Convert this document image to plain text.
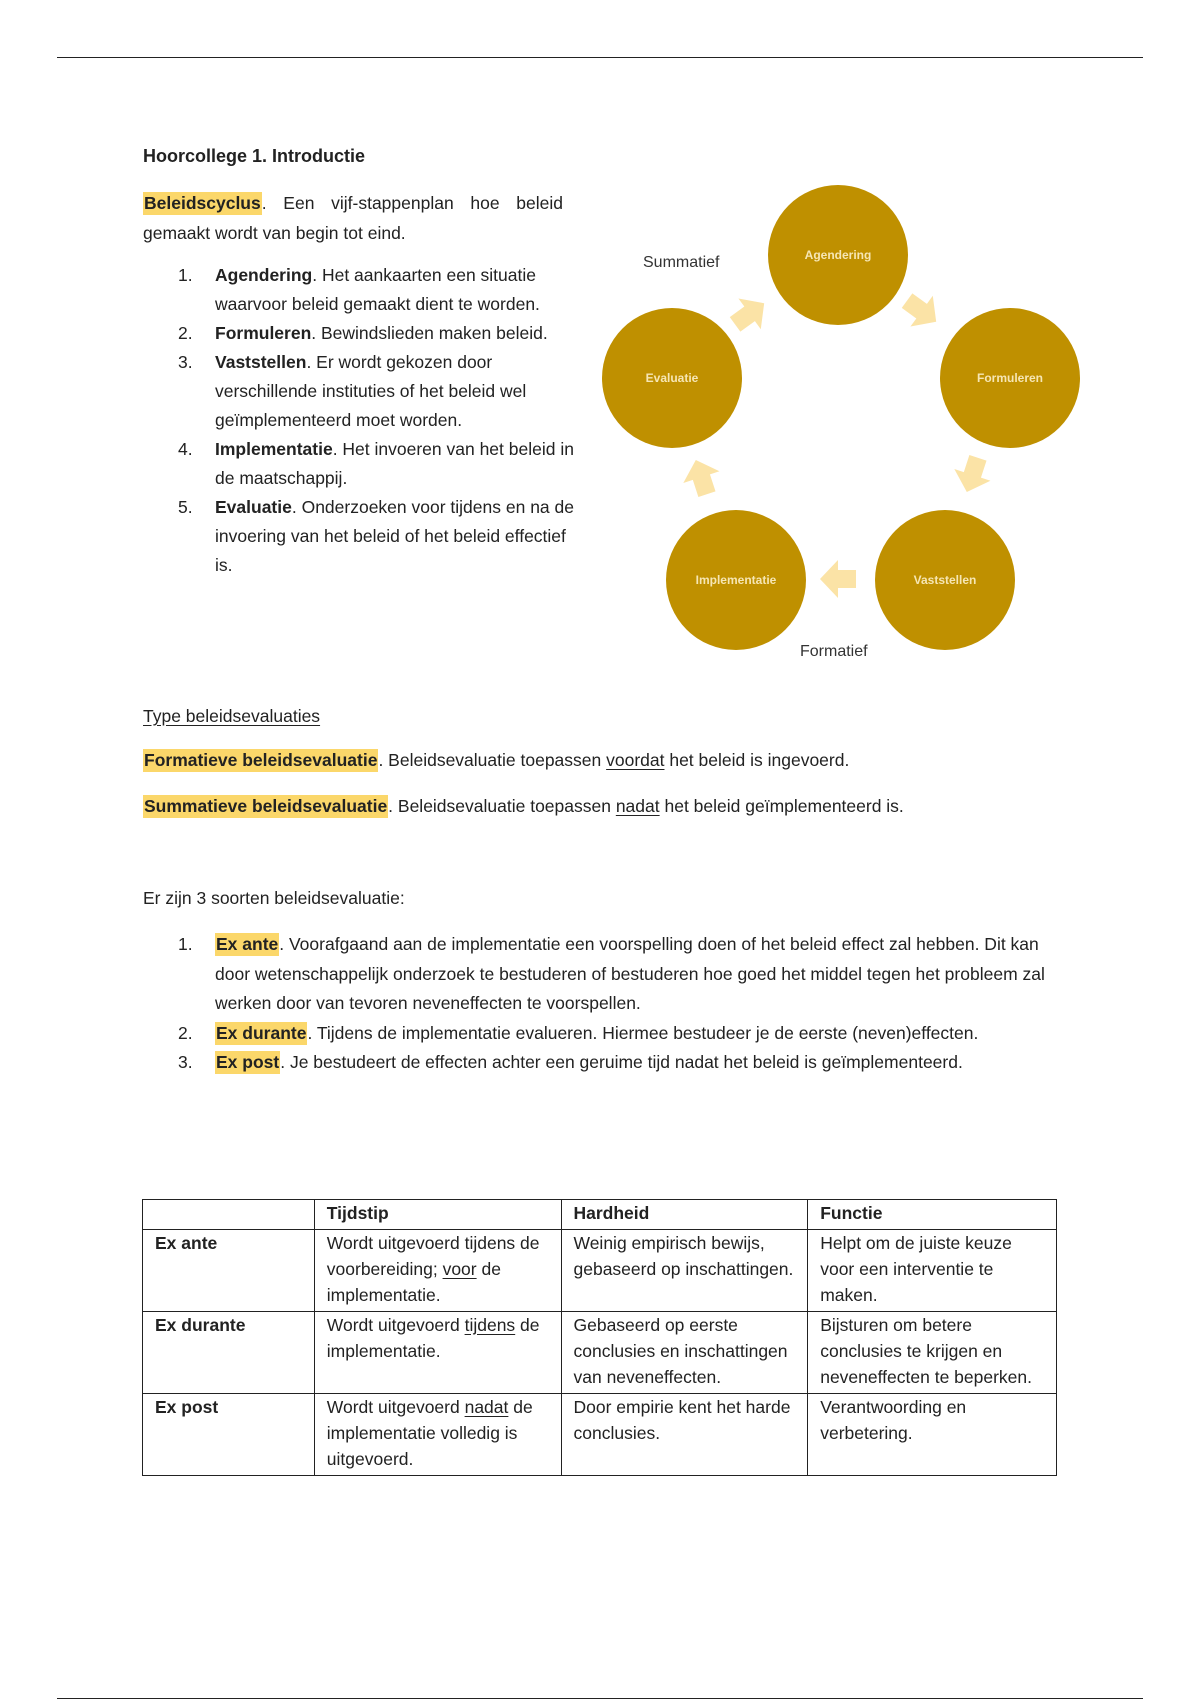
Hoorcollege 1. Introductie
Beleidscyclus. Een vijf-stappenplan hoe beleid gemaakt wordt van begin tot eind.
1. Agendering. Het aankaarten een situatie waarvoor beleid gemaakt dient te worden.
2. Formuleren. Bewindslieden maken beleid.
3. Vaststellen. Er wordt gekozen door verschillende instituties of het beleid wel geïmplementeerd moet worden.
4. Implementatie. Het invoeren van het beleid in de maatschappij.
5. Evaluatie. Onderzoeken voor tijdens en na de invoering van het beleid of het beleid effectief is.
Agendering
Formuleren
Vaststellen
Implementatie
Evaluatie
Summatief
Formatief
Type beleidsevaluaties
Formatieve beleidsevaluatie. Beleidsevaluatie toepassen voordat het beleid is ingevoerd.
Summatieve beleidsevaluatie. Beleidsevaluatie toepassen nadat het beleid geïmplementeerd is.
Er zijn 3 soorten beleidsevaluatie:
1. Ex ante. Voorafgaand aan de implementatie een voorspelling doen of het beleid effect zal hebben. Dit kan door wetenschappelijk onderzoek te bestuderen of bestuderen hoe goed het middel tegen het probleem zal werken door van tevoren neveneffecten te voorspellen.
2. Ex durante. Tijdens de implementatie evalueren. Hiermee bestudeer je de eerste (neven)effecten.
3. Ex post. Je bestudeert de effecten achter een geruime tijd nadat het beleid is geïmplementeerd.
	Tijdstip	Hardheid	Functie
Ex ante	Wordt uitgevoerd tijdens de voorbereiding; voor de implementatie.	Weinig empirisch bewijs, gebaseerd op inschattingen.	Helpt om de juiste keuze voor een interventie te maken.
Ex durante	Wordt uitgevoerd tijdens de implementatie.	Gebaseerd op eerste conclusies en inschattingen van neveneffecten.	Bijsturen om betere conclusies te krijgen en neveneffecten te beperken.
Ex post	Wordt uitgevoerd nadat de implementatie volledig is uitgevoerd.	Door empirie kent het harde conclusies.	Verantwoording en verbetering.
